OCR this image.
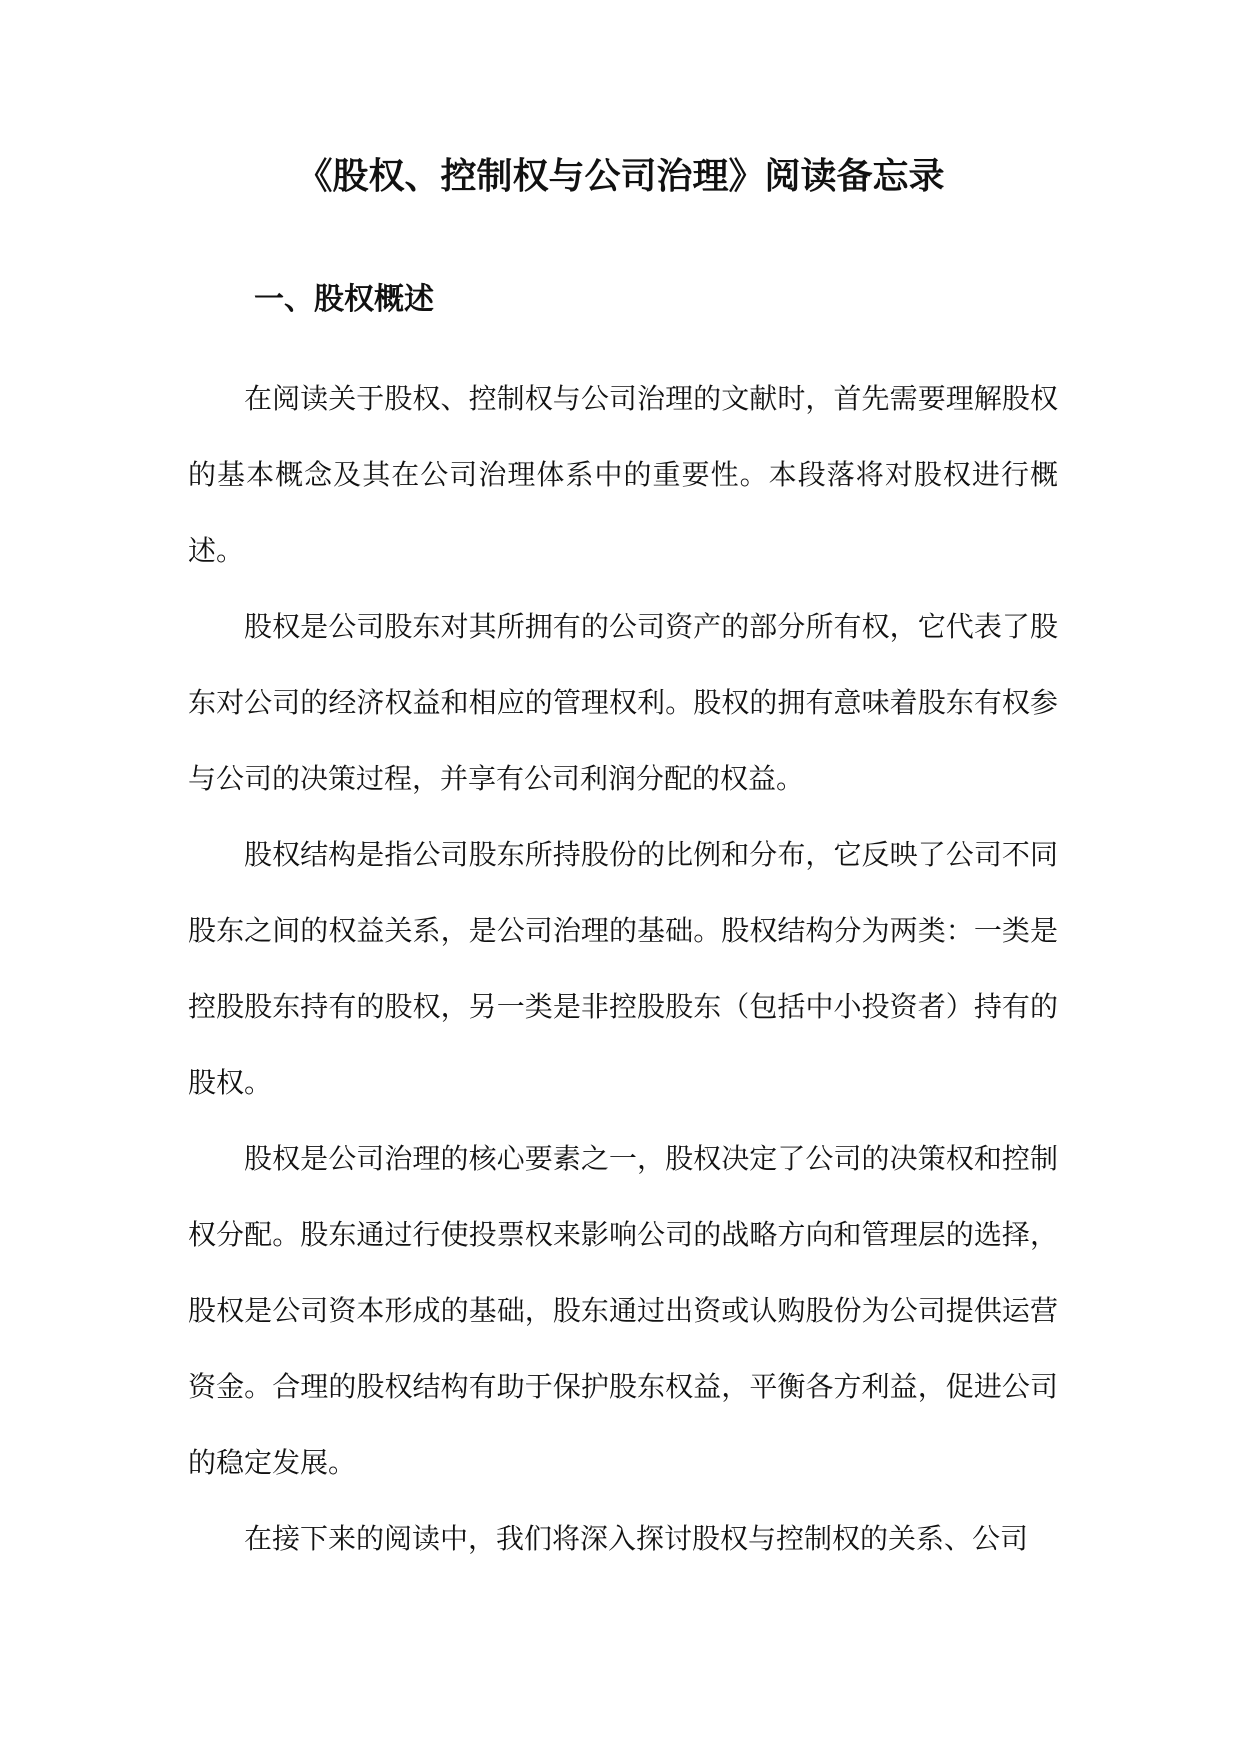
《股权、控制权与公司治理》阅读备忘录
一、股权概述

在阅读关于股权、控制权与公司治理的文献时，首先需要理解股权的基本概念及其在公司治理体系中的重要性。本段落将对股权进行概述。

股权是公司股东对其所拥有的公司资产的部分所有权，它代表了股东对公司的经济权益和相应的管理权利。股权的拥有意味着股东有权参与公司的决策过程，并享有公司利润分配的权益。

股权结构是指公司股东所持股份的比例和分布，它反映了公司不同股东之间的权益关系，是公司治理的基础。股权结构分为两类：一类是控股股东持有的股权，另一类是非控股股东（包括中小投资者）持有的股权。

股权是公司治理的核心要素之一，股权决定了公司的决策权和控制权分配。股东通过行使投票权来影响公司的战略方向和管理层的选择，股权是公司资本形成的基础，股东通过出资或认购股份为公司提供运营资金。合理的股权结构有助于保护股东权益，平衡各方利益，促进公司的稳定发展。

在接下来的阅读中，我们将深入探讨股权与控制权的关系、公司
